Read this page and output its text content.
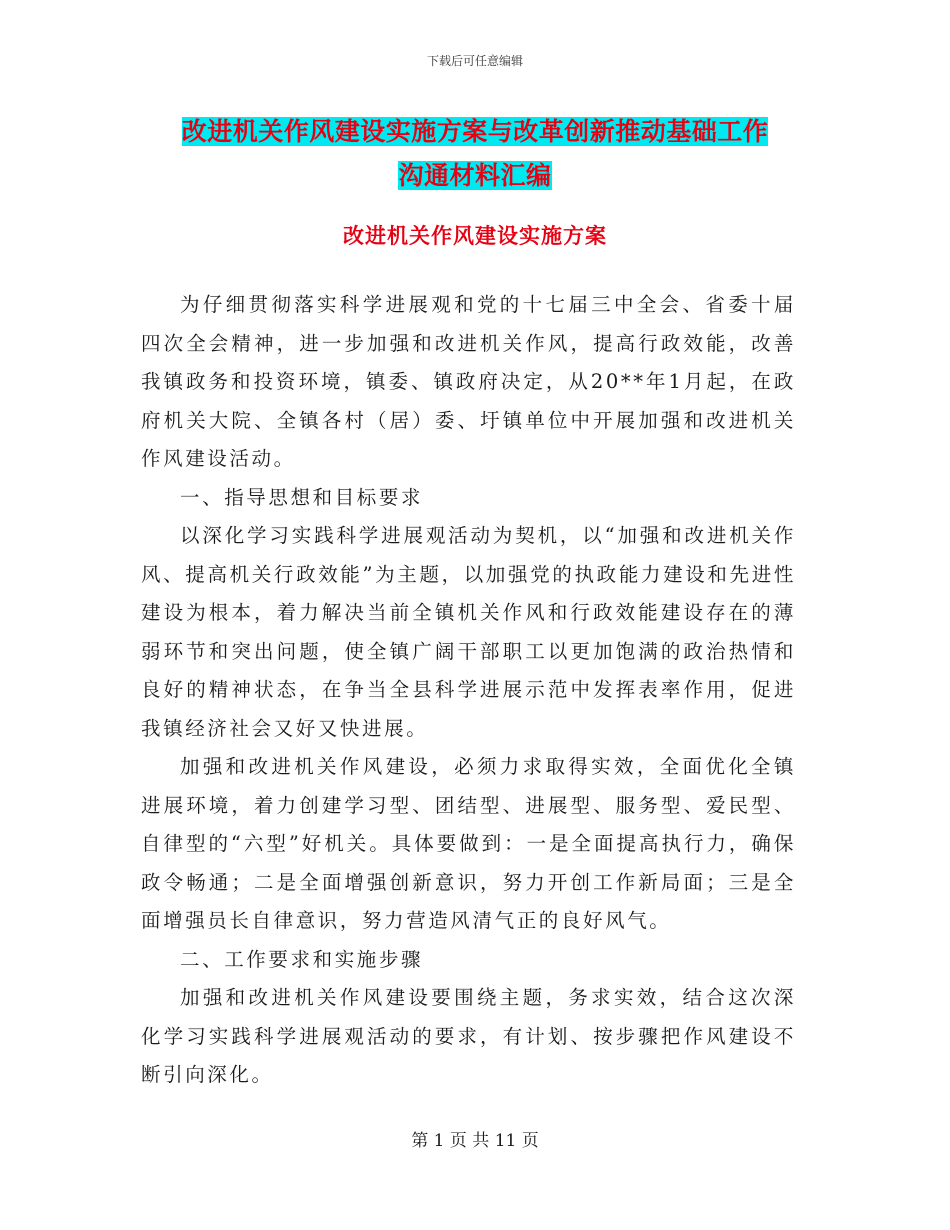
下载后可任意编辑
改进机关作风建设实施方案与改革创新推动基础工作
沟通材料汇编
改进机关作风建设实施方案

为仔细贯彻落实科学进展观和党的十七届三中全会、省委十届四次全会精神，进一步加强和改进机关作风，提高行政效能，改善我镇政务和投资环境，镇委、镇政府决定，从20**年1月起，在政府机关大院、全镇各村（居）委、圩镇单位中开展加强和改进机关作风建设活动。

一、指导思想和目标要求

以深化学习实践科学进展观活动为契机，以“加强和改进机关作风、提高机关行政效能”为主题，以加强党的执政能力建设和先进性建设为根本，着力解决当前全镇机关作风和行政效能建设存在的薄弱环节和突出问题，使全镇广阔干部职工以更加饱满的政治热情和良好的精神状态，在争当全县科学进展示范中发挥表率作用，促进我镇经济社会又好又快进展。

加强和改进机关作风建设，必须力求取得实效，全面优化全镇进展环境，着力创建学习型、团结型、进展型、服务型、爱民型、自律型的“六型”好机关。具体要做到：一是全面提高执行力，确保政令畅通；二是全面增强创新意识，努力开创工作新局面；三是全面增强员长自律意识，努力营造风清气正的良好风气。

二、工作要求和实施步骤

加强和改进机关作风建设要围绕主题，务求实效，结合这次深化学习实践科学进展观活动的要求，有计划、按步骤把作风建设不断引向深化。

第 1 页 共 11 页
